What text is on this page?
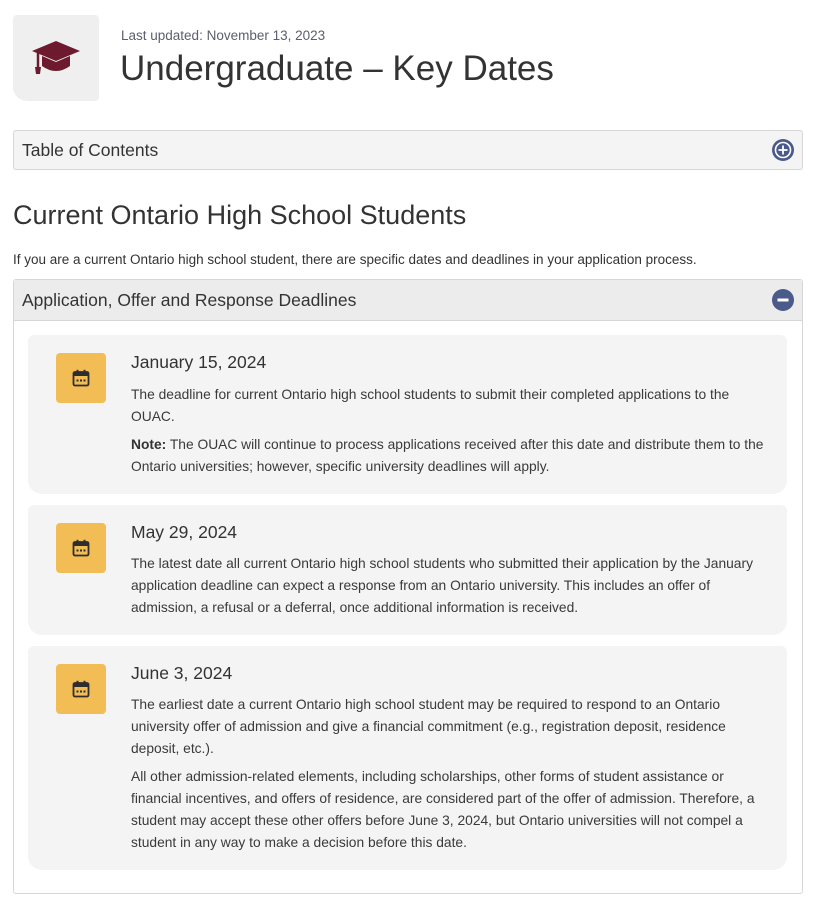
Last updated: November 13, 2023
Undergraduate – Key Dates
Table of Contents
Current Ontario High School Students

If you are a current Ontario high school student, there are specific dates and deadlines in your application process.

Application, Offer and Response Deadlines
January 15, 2024

The deadline for current Ontario high school students to submit their completed applications to the OUAC.

Note: The OUAC will continue to process applications received after this date and distribute them to the Ontario universities; however, specific university deadlines will apply.

May 29, 2024

The latest date all current Ontario high school students who submitted their application by the January application deadline can expect a response from an Ontario university. This includes an offer of admission, a refusal or a deferral, once additional information is received.

June 3, 2024

The earliest date a current Ontario high school student may be required to respond to an Ontario university offer of admission and give a financial commitment (e.g., registration deposit, residence deposit, etc.).

All other admission-related elements, including scholarships, other forms of student assistance or financial incentives, and offers of residence, are considered part of the offer of admission. Therefore, a student may accept these other offers before June 3, 2024, but Ontario universities will not compel a student in any way to make a decision before this date.
